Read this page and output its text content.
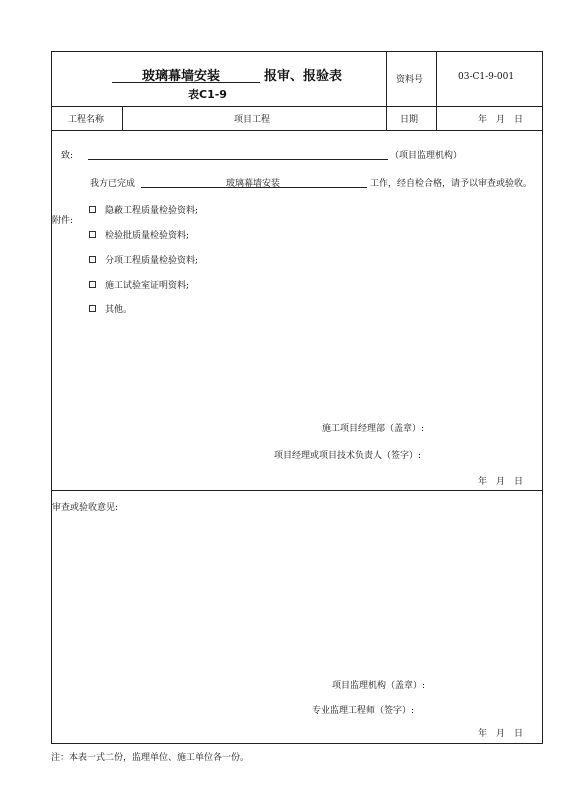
玻璃幕墙安装	报审、报验表
表C1-9
资料号	03-C1-9-001
工程名称	项目工程	日期	年　月　日
致:	（项目监理机构）
我方已完成	玻璃幕墙安装	工作，经自检合格，请予以审查或验收。
附件:
隐蔽工程质量检验资料;
检验批质量检验资料;
分项工程质量检验资料;
施工试验室证明资料;
其他。
施工项目经理部（盖章）:
项目经理或项目技术负责人（签字）:
年　月　日
审查或验收意见:
项目监理机构（盖章）:
专业监理工程师（签字）:
年　月　日
注：本表一式二份，监理单位、施工单位各一份。
